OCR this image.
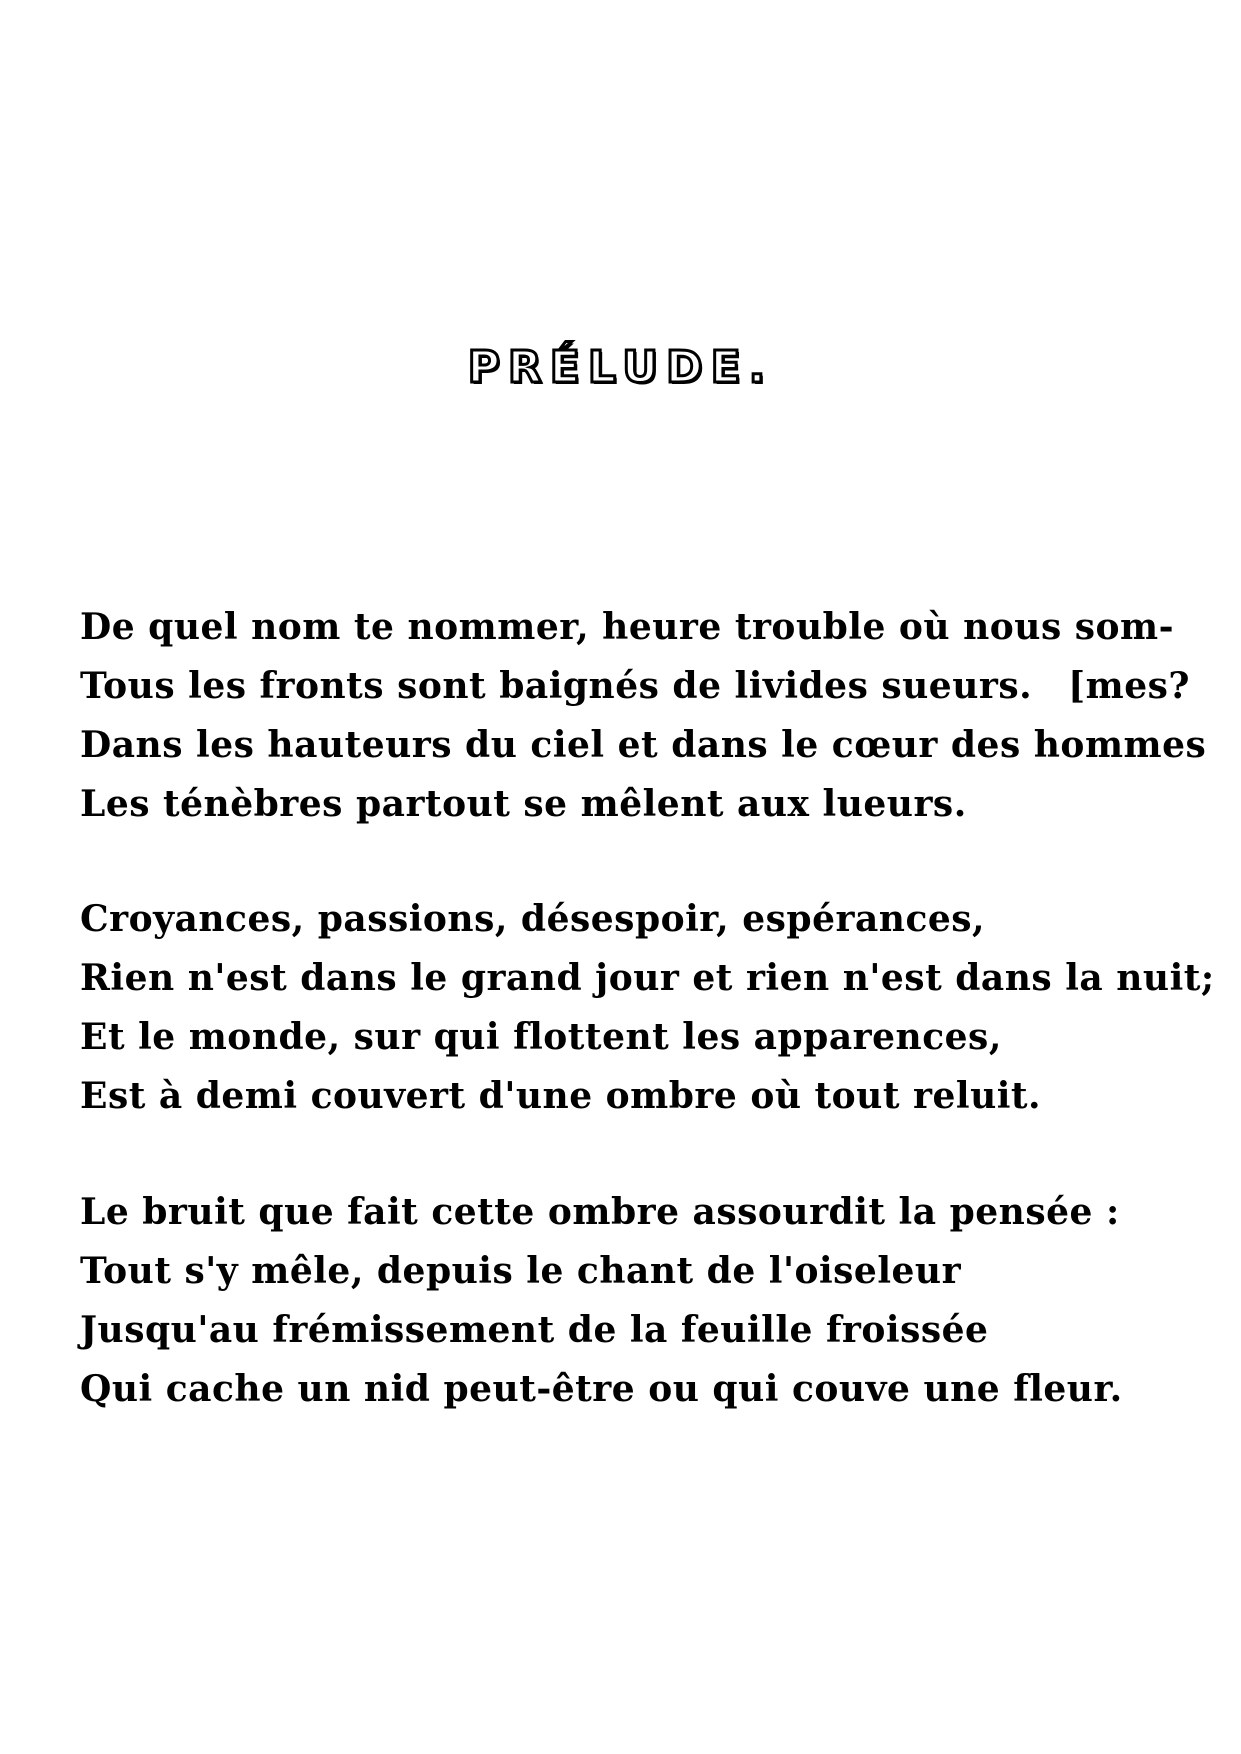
PRÉLUDE.
De quel nom te nommer, heure trouble où nous som-
Tous les fronts sont baignés de livides sueurs. [mes?
Dans les hauteurs du ciel et dans le cœur des hommes
Les ténèbres partout se mêlent aux lueurs.
Croyances, passions, désespoir, espérances,
Rien n'est dans le grand jour et rien n'est dans la nuit;
Et le monde, sur qui flottent les apparences,
Est à demi couvert d'une ombre où tout reluit.
Le bruit que fait cette ombre assourdit la pensée :
Tout s'y mêle, depuis le chant de l'oiseleur
Jusqu'au frémissement de la feuille froissée
Qui cache un nid peut-être ou qui couve une fleur.
